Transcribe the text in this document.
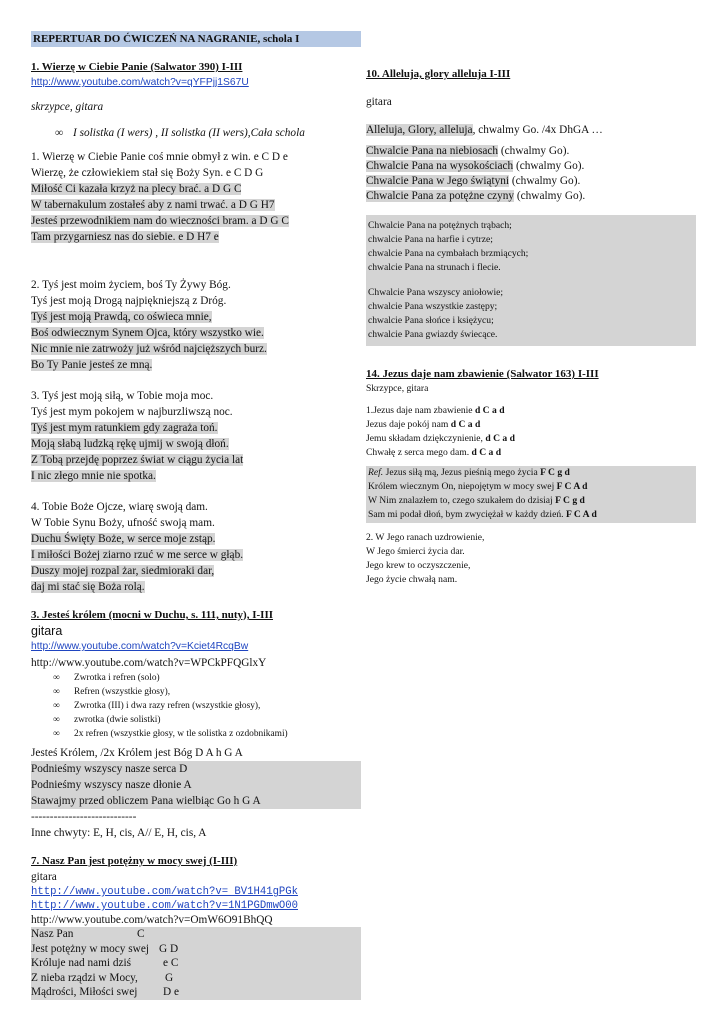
REPERTUAR DO ĆWICZEŃ NA NAGRANIE, schola I
1. Wierzę w Ciebie Panie (Salwator 390) I-III
http://www.youtube.com/watch?v=qYFPjj1S67U
skrzypce, gitara
∞ I solistka (I wers) , II solistka (II wers),Cała schola
1. Wierzę w Ciebie Panie coś mnie obmył z win. e C D e
Wierzę, że człowiekiem stał się Boży Syn. e C D G
Miłość Ci kazała krzyż na plecy brać. a D G C
W tabernakulum zostałeś aby z nami trwać. a D G H7
Jesteś przewodnikiem nam do wieczności bram. a D G C
Tam przygarniesz nas do siebie. e D H7 e
2. Tyś jest moim życiem, boś Ty Żywy Bóg.
Tyś jest moją Drogą najpiękniejszą z Dróg.
Tyś jest moją Prawdą, co oświeca mnie,
Boś odwiecznym Synem Ojca, który wszystko wie.
Nic mnie nie zatrwoży już wśród najcięższych burz.
Bo Ty Panie jesteś ze mną.
3. Tyś jest moją siłą, w Tobie moja moc.
Tyś jest mym pokojem w najburzliwszą noc.
Tyś jest mym ratunkiem gdy zagraża toń.
Moją słabą ludzką rękę ujmij w swoją dłoń.
Z Tobą przejdę poprzez świat w ciągu życia lat
I nic złego mnie nie spotka.
4. Tobie Boże Ojcze, wiarę swoją dam.
W Tobie Synu Boży, ufność swoją mam.
Duchu Święty Boże, w serce moje zstąp.
I miłości Bożej ziarno rzuć w me serce w głąb.
Duszy mojej rozpal żar, siedmioraki dar,
daj mi stać się Boża rolą.
3. Jesteś królem (mocni w Duchu, s. 111, nuty), I-III
gitara
http://www.youtube.com/watch?v=Kciet4RcqBw
http://www.youtube.com/watch?v=WPCkPFQGlxY
∞ Zwrotka i refren (solo)
∞ Refren (wszystkie głosy),
∞ Zwrotka (III) i dwa razy refren (wszystkie głosy),
∞ zwrotka (dwie solistki)
∞ 2x refren (wszystkie głosy, w tle solistka z ozdobnikami)
Jesteś Królem, /2x Królem jest Bóg D A h G A
Podnieśmy wszyscy nasze serca D
Podnieśmy wszyscy nasze dłonie A
Stawajmy przed obliczem Pana wielbiąc Go h G A
----------------------------
Inne chwyty: E, H, cis, A// E, H, cis, A
7. Nasz Pan jest potężny w mocy swej (I-III)
gitara
http://www.youtube.com/watch?v= BV1H41gPGk
http://www.youtube.com/watch?v=1N1PGDmwO00
http://www.youtube.com/watch?v=OmW6O91BhQQ
Nasz Pan	C
Jest potężny w mocy swej G D
Króluje nad nami dziś	e C
Z nieba rządzi w Mocy, G
Mądrości, Miłości swej D e
10. Alleluja, glory alleluja I-III
gitara
Alleluja, Glory, alleluja, chwalmy Go. /4x DhGA …
Chwalcie Pana na niebiosach (chwalmy Go).
Chwalcie Pana na wysokościach (chwalmy Go).
Chwalcie Pana w Jego świątyni (chwalmy Go).
Chwalcie Pana za potężne czyny (chwalmy Go).
Chwalcie Pana na potężnych trąbach;
chwalcie Pana na harfie i cytrze;
chwalcie Pana na cymbałach brzmiących;
chwalcie Pana na strunach i flecie.
Chwalcie Pana wszyscy aniołowie;
chwalcie Pana wszystkie zastępy;
chwalcie Pana słońce i księżycu;
chwalcie Pana gwiazdy świecące.
14. Jezus daje nam zbawienie (Salwator 163) I-III
Skrzypce, gitara
1.Jezus daje nam zbawienie d C a d
Jezus daje pokój nam d C a d
Jemu składam dziękczynienie, d C a d
Chwałę z serca mego dam. d C a d
Ref. Jezus siłą mą, Jezus pieśnią mego życia F C g d
Królem wiecznym On, niepojętym w mocy swej F C A d
W Nim znalazłem to, czego szukałem do dzisiaj F C g d
Sam mi podał dłoń, bym zwyciężał w każdy dzień. F C A d
2. W Jego ranach uzdrowienie,
W Jego śmierci życia dar.
Jego krew to oczyszczenie,
Jego życie chwałą nam.
